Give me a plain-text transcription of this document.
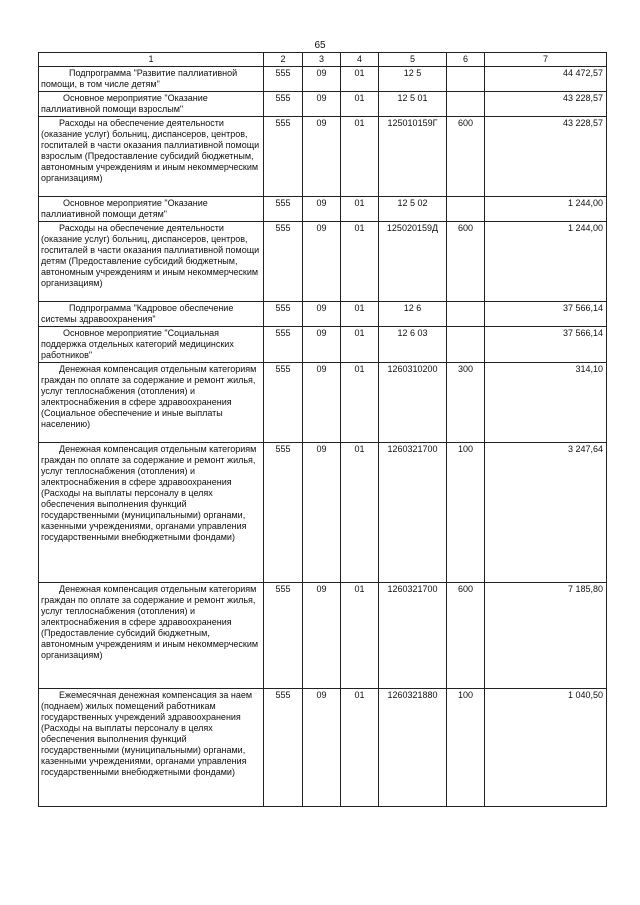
65
1	2	3	4	5	6	7
Подпрограмма "Развитие паллиативной помощи, в том числе детям"	555	09	01	12 5		44 472,57
Основное мероприятие "Оказание паллиативной помощи взрослым"	555	09	01	12 5 01		43 228,57
Расходы на обеспечение деятельности (оказание услуг) больниц, диспансеров, центров, госпиталей в части оказания паллиативной помощи взрослым (Предоставление субсидий бюджетным, автономным учреждениям и иным некоммерческим организациям)	555	09	01	125010159Г	600	43 228,57
Основное мероприятие "Оказание паллиативной помощи детям"	555	09	01	12 5 02		1 244,00
Расходы на обеспечение деятельности (оказание услуг) больниц, диспансеров, центров, госпиталей в части оказания паллиативной помощи детям (Предоставление субсидий бюджетным, автономным учреждениям и иным некоммерческим организациям)	555	09	01	125020159Д	600	1 244,00
Подпрограмма "Кадровое обеспечение системы здравоохранения"	555	09	01	12 6		37 566,14
Основное мероприятие "Социальная поддержка отдельных категорий медицинских работников"	555	09	01	12 6 03		37 566,14
Денежная компенсация отдельным категориям граждан по оплате за содержание и ремонт жилья, услуг теплоснабжения (отопления) и электроснабжения в сфере здравоохранения (Социальное обеспечение и иные выплаты населению)	555	09	01	1260310200	300	314,10
Денежная компенсация отдельным категориям граждан по оплате за содержание и ремонт жилья, услуг теплоснабжения (отопления) и электроснабжения в сфере здравоохранения (Расходы на выплаты персоналу в целях обеспечения выполнения функций государственными (муниципальными) органами, казенными учреждениями, органами управления государственными внебюджетными фондами)	555	09	01	1260321700	100	3 247,64
Денежная компенсация отдельным категориям граждан по оплате за содержание и ремонт жилья, услуг теплоснабжения (отопления) и электроснабжения в сфере здравоохранения (Предоставление субсидий бюджетным, автономным учреждениям и иным некоммерческим организациям)	555	09	01	1260321700	600	7 185,80
Ежемесячная денежная компенсация за наем (поднаем) жилых помещений работникам государственных учреждений здравоохранения (Расходы на выплаты персоналу в целях обеспечения выполнения функций государственными (муниципальными) органами, казенными учреждениями, органами управления государственными внебюджетными фондами)	555	09	01	1260321880	100	1 040,50
